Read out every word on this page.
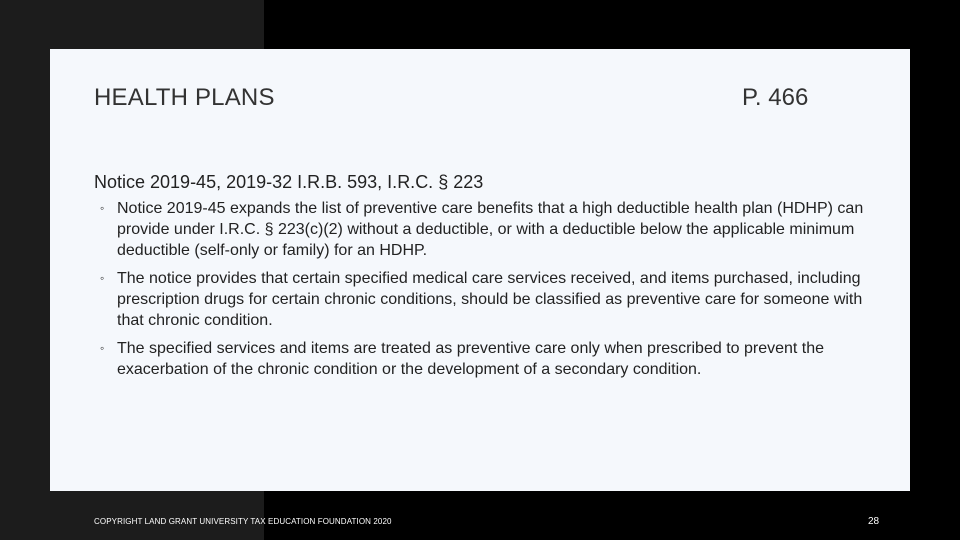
HEALTH PLANS	P. 466
Notice 2019-45, 2019-32 I.R.B. 593, I.R.C. § 223
◦ Notice 2019-45 expands the list of preventive care benefits that a high deductible health plan (HDHP) can provide under I.R.C. § 223(c)(2) without a deductible, or with a deductible below the applicable minimum deductible (self-only or family) for an HDHP.
◦ The notice provides that certain specified medical care services received, and items purchased, including prescription drugs for certain chronic conditions, should be classified as preventive care for someone with that chronic condition.
◦ The specified services and items are treated as preventive care only when prescribed to prevent the exacerbation of the chronic condition or the development of a secondary condition.
COPYRIGHT LAND GRANT UNIVERSITY TAX EDUCATION FOUNDATION 2020	28
